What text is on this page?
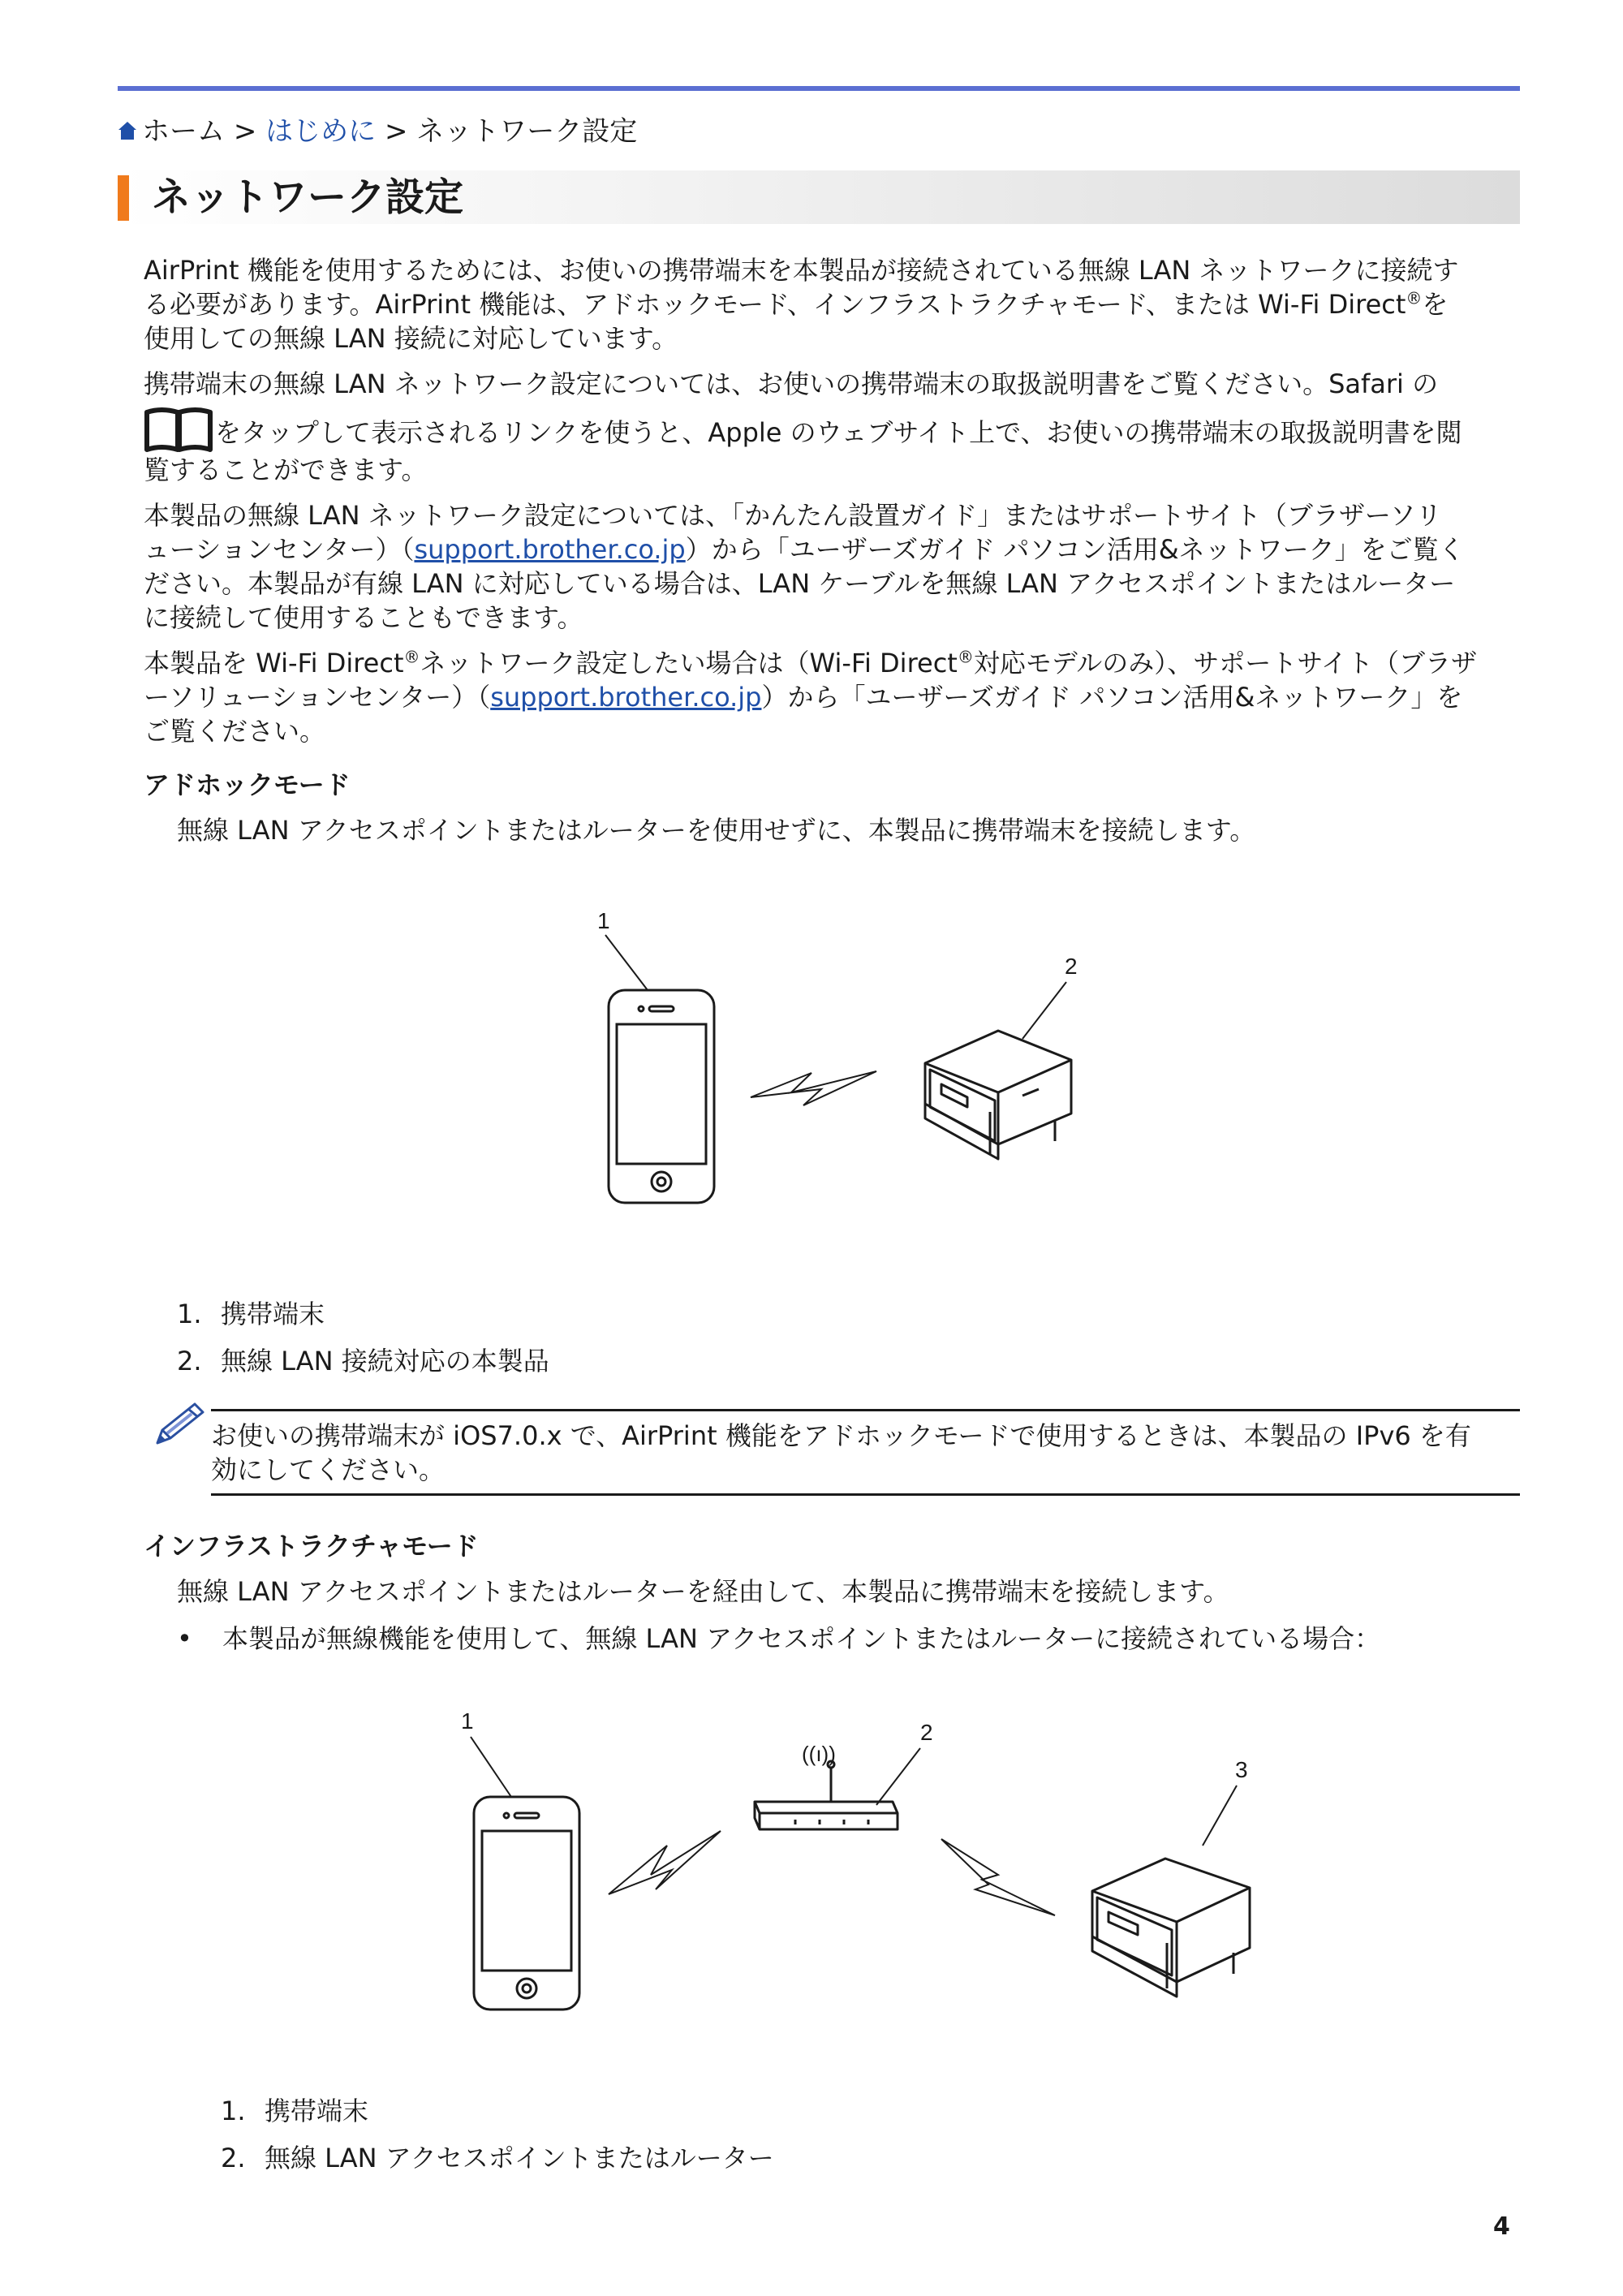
ホーム > はじめに > ネットワーク設定
ネットワーク設定
AirPrint 機能を使用するためには、お使いの携帯端末を本製品が接続されている無線 LAN ネットワークに接続す
る必要があります。AirPrint 機能は、アドホックモード、インフラストラクチャモード、または Wi-Fi Direct®を
使用しての無線 LAN 接続に対応しています。
携帯端末の無線 LAN ネットワーク設定については、お使いの携帯端末の取扱説明書をご覧ください。Safari の
をタップして表示されるリンクを使うと、Apple のウェブサイト上で、お使いの携帯端末の取扱説明書を閲
覧することができます。
本製品の無線 LAN ネットワーク設定については、「かんたん設置ガイド」またはサポートサイト（ブラザーソリ
ューションセンター）（support.brother.co.jp）から「ユーザーズガイド パソコン活用&ネットワーク」をご覧く
ださい。本製品が有線 LAN に対応している場合は、LAN ケーブルを無線 LAN アクセスポイントまたはルーター
に接続して使用することもできます。
本製品を Wi-Fi Direct®ネットワーク設定したい場合は（Wi-Fi Direct®対応モデルのみ）、サポートサイト（ブラザ
ーソリューションセンター）（support.brother.co.jp）から「ユーザーズガイド パソコン活用&ネットワーク」を
ご覧ください。
アドホックモード
無線 LAN アクセスポイントまたはルーターを使用せずに、本製品に携帯端末を接続します。
1
2
1. 携帯端末
2. 無線 LAN 接続対応の本製品
お使いの携帯端末が iOS7.0.x で、AirPrint 機能をアドホックモードで使用するときは、本製品の IPv6 を有
効にしてください。
インフラストラクチャモード
無線 LAN アクセスポイントまたはルーターを経由して、本製品に携帯端末を接続します。
• 本製品が無線機能を使用して、無線 LAN アクセスポイントまたはルーターに接続されている場合：
1	2
3
((ı))
1. 携帯端末
2. 無線 LAN アクセスポイントまたはルーター
4
